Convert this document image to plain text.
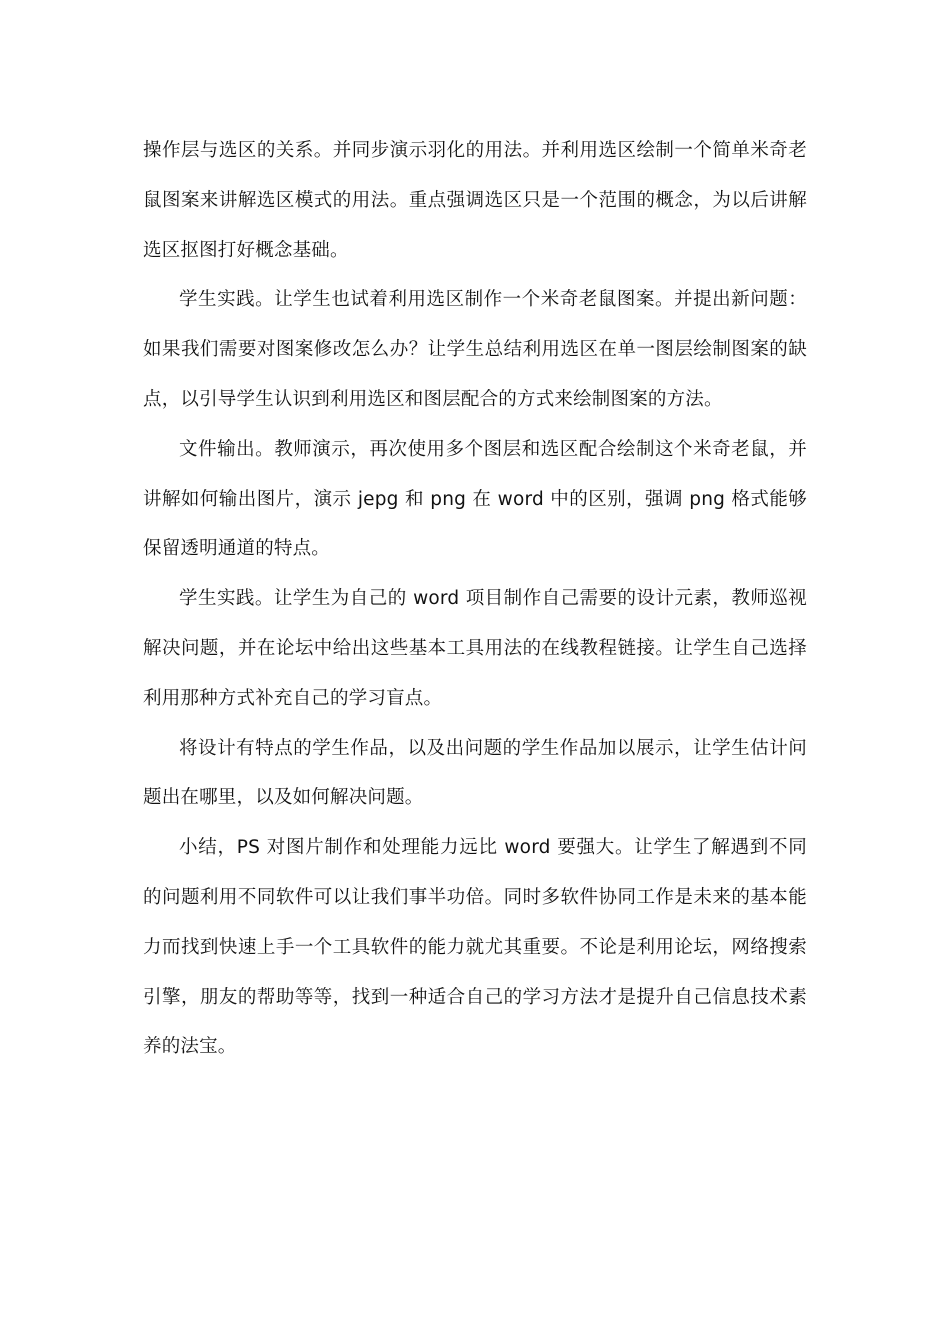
操作层与选区的关系。并同步演示羽化的用法。并利用选区绘制一个简单米奇老鼠图案来讲解选区模式的用法。重点强调选区只是一个范围的概念，为以后讲解选区抠图打好概念基础。

学生实践。让学生也试着利用选区制作一个米奇老鼠图案。并提出新问题：如果我们需要对图案修改怎么办？让学生总结利用选区在单一图层绘制图案的缺点，以引导学生认识到利用选区和图层配合的方式来绘制图案的方法。

文件输出。教师演示，再次使用多个图层和选区配合绘制这个米奇老鼠，并讲解如何输出图片，演示 jepg 和 png 在 word 中的区别，强调 png 格式能够保留透明通道的特点。

学生实践。让学生为自己的 word 项目制作自己需要的设计元素，教师巡视解决问题，并在论坛中给出这些基本工具用法的在线教程链接。让学生自己选择利用那种方式补充自己的学习盲点。

将设计有特点的学生作品，以及出问题的学生作品加以展示，让学生估计问题出在哪里，以及如何解决问题。

小结，PS 对图片制作和处理能力远比 word 要强大。让学生了解遇到不同的问题利用不同软件可以让我们事半功倍。同时多软件协同工作是未来的基本能力而找到快速上手一个工具软件的能力就尤其重要。不论是利用论坛，网络搜索引擎，朋友的帮助等等，找到一种适合自己的学习方法才是提升自己信息技术素养的法宝。
